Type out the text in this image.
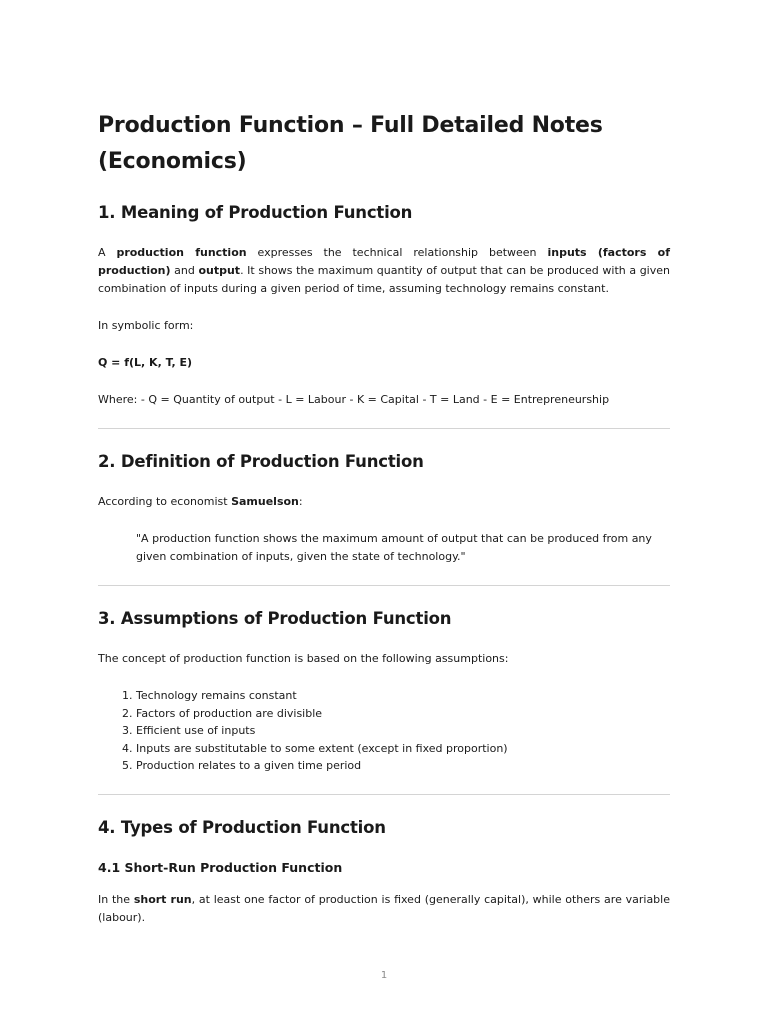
Production Function – Full Detailed Notes (Economics)
1. Meaning of Production Function

A production function expresses the technical relationship between inputs (factors of production) and output. It shows the maximum quantity of output that can be produced with a given combination of inputs during a given period of time, assuming technology remains constant.

In symbolic form:

Q = f(L, K, T, E)

Where: - Q = Quantity of output - L = Labour - K = Capital - T = Land - E = Entrepreneurship

2. Definition of Production Function

According to economist Samuelson:

"A production function shows the maximum amount of output that can be produced from any given combination of inputs, given the state of technology."
3. Assumptions of Production Function

The concept of production function is based on the following assumptions:

1. Technology remains constant
2. Factors of production are divisible
3. Efficient use of inputs
4. Inputs are substitutable to some extent (except in fixed proportion)
5. Production relates to a given time period
4. Types of Production Function
4.1 Short-Run Production Function

In the short run, at least one factor of production is fixed (generally capital), while others are variable (labour).

1
